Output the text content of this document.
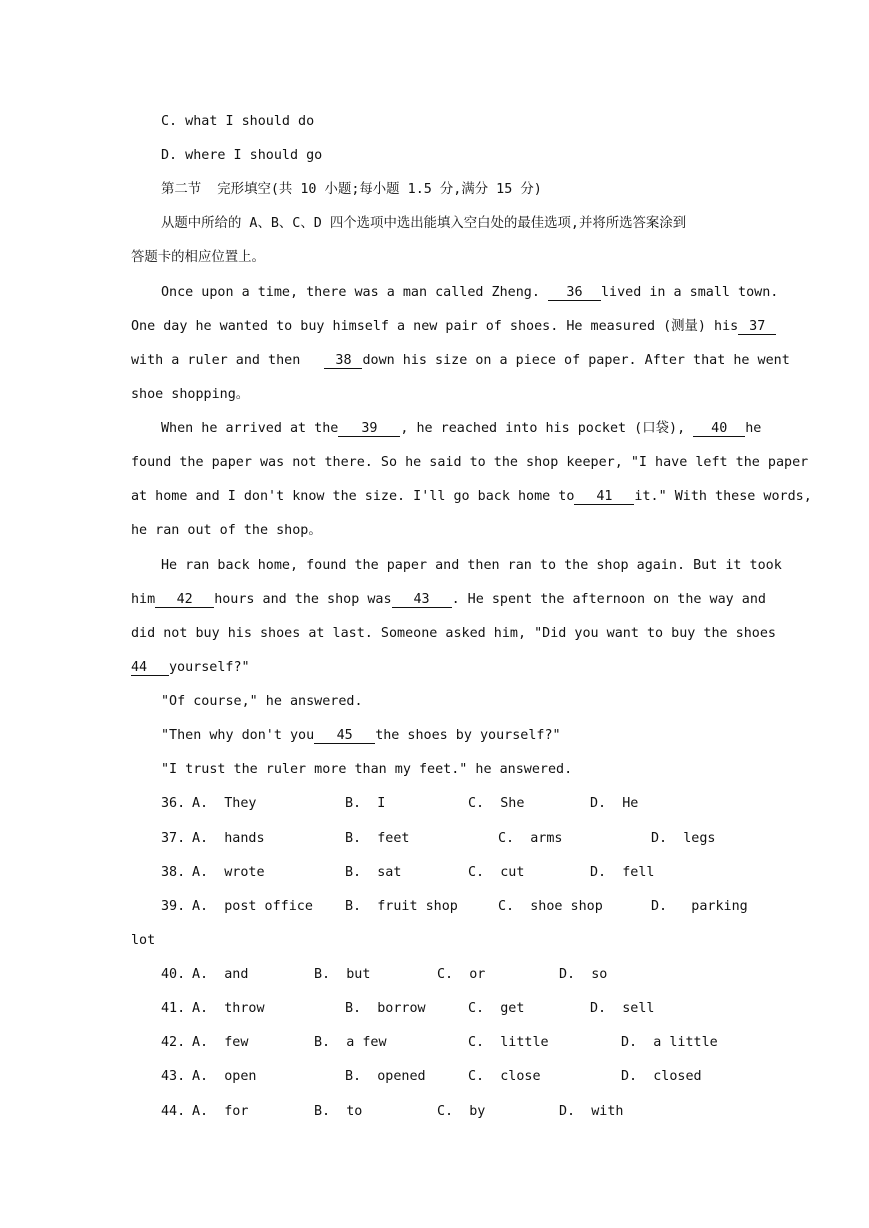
C. what I should do
D. where I should go
第二节  完形填空(共 10 小题;每小题 1.5 分,满分 15 分)
从题中所给的 A、B、C、D 四个选项中选出能填入空白处的最佳选项,并将所选答案涂到
答题卡的相应位置上。
Once upon a time, there was a man called Zheng. 36 lived in a small town.
One day he wanted to buy himself a new pair of shoes. He measured (测量) his 37
with a ruler and then   38 down his size on a piece of paper. After that he went
shoe shopping。
When he arrived at the 39 , he reached into his pocket (口袋), 40 he
found the paper was not there. So he said to the shop keeper, "I have left the paper
at home and I don't know the size. I'll go back home to 41 it." With these words,
he ran out of the shop。
He ran back home, found the paper and then ran to the shop again. But it took
him 42 hours and the shop was 43 . He spent the afternoon on the way and
did not buy his shoes at last. Someone asked him, "Did you want to buy the shoes
44 yourself?"
"Of course," he answered.
"Then why don't you 45 the shoes by yourself?"
"I trust the ruler more than my feet." he answered.
36. A.  They	B.  I	C.  She	D.  He
37. A.  hands	B.  feet	C.  arms	D.  legs
38. A.  wrote	B.  sat	C.  cut	D.  fell
39. A.  post office B.  fruit shop	C.  shoe shop	D.   parking
lot
40. A.  and	B.  but	C.  or	D.  so
41. A.  throw	B.  borrow	C.  get	D.  sell
42. A.  few	B.  a few	C.  little	D.  a little
43. A.  open	B.  opened	C.  close	D.  closed
44. A.  for	B.  to	C.  by	D.  with
